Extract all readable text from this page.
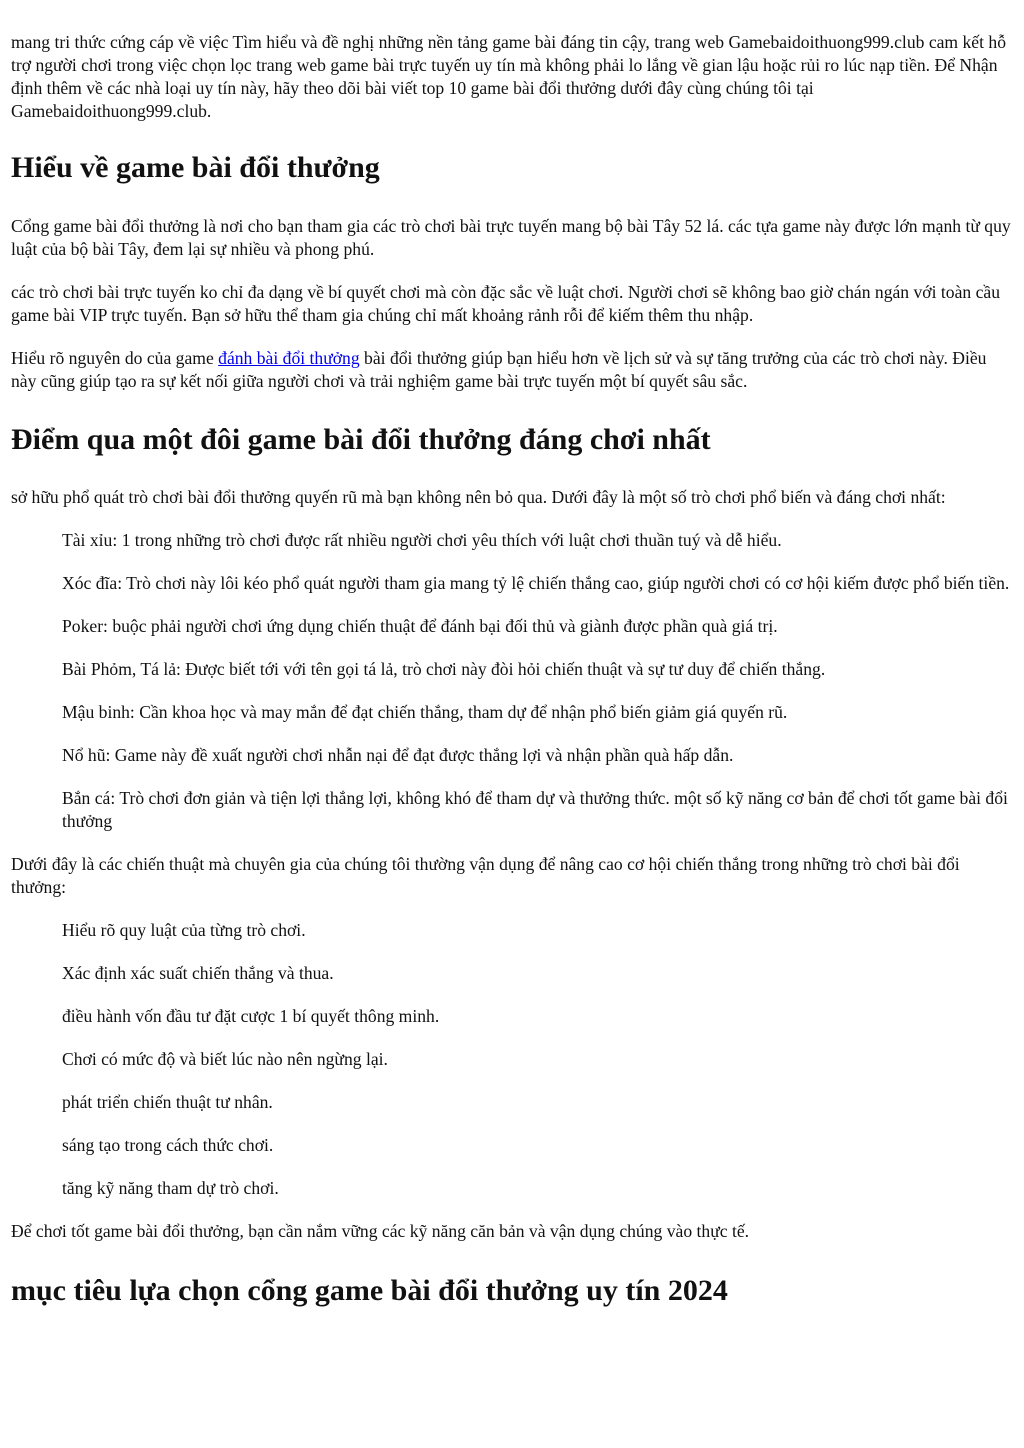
mang tri thức cứng cáp về việc Tìm hiểu và đề nghị những nền tảng game bài đáng tin cậy, trang web Gamebaidoithuong999.club cam kết hỗ trợ người chơi trong việc chọn lọc trang web game bài trực tuyến uy tín mà không phải lo lắng về gian lậu hoặc rủi ro lúc nạp tiền. Để Nhận định thêm về các nhà loại uy tín này, hãy theo dõi bài viết top 10 game bài đổi thưởng dưới đây cùng chúng tôi tại Gamebaidoithuong999.club.

Hiểu về game bài đổi thưởng

Cổng game bài đổi thưởng là nơi cho bạn tham gia các trò chơi bài trực tuyến mang bộ bài Tây 52 lá. các tựa game này được lớn mạnh từ quy luật của bộ bài Tây, đem lại sự nhiều và phong phú.

các trò chơi bài trực tuyến ko chỉ đa dạng về bí quyết chơi mà còn đặc sắc về luật chơi. Người chơi sẽ không bao giờ chán ngán với toàn cầu game bài VIP trực tuyến. Bạn sở hữu thể tham gia chúng chỉ mất khoảng rảnh rỗi để kiếm thêm thu nhập.

Hiểu rõ nguyên do của game đánh bài đổi thưởng bài đổi thưởng giúp bạn hiểu hơn về lịch sử và sự tăng trưởng của các trò chơi này. Điều này cũng giúp tạo ra sự kết nối giữa người chơi và trải nghiệm game bài trực tuyến một bí quyết sâu sắc.

Điểm qua một đôi game bài đổi thưởng đáng chơi nhất

sở hữu phổ quát trò chơi bài đổi thưởng quyến rũ mà bạn không nên bỏ qua. Dưới đây là một số trò chơi phổ biến và đáng chơi nhất:

Tài xỉu: 1 trong những trò chơi được rất nhiều người chơi yêu thích với luật chơi thuần tuý và dễ hiểu.

Xóc đĩa: Trò chơi này lôi kéo phổ quát người tham gia mang tỷ lệ chiến thắng cao, giúp người chơi có cơ hội kiếm được phổ biến tiền.

Poker: buộc phải người chơi ứng dụng chiến thuật để đánh bại đối thủ và giành được phần quà giá trị.

Bài Phỏm, Tá lả: Được biết tới với tên gọi tá lả, trò chơi này đòi hỏi chiến thuật và sự tư duy để chiến thắng.

Mậu binh: Cần khoa học và may mắn để đạt chiến thắng, tham dự để nhận phổ biến giảm giá quyến rũ.

Nổ hũ: Game này đề xuất người chơi nhẫn nại để đạt được thắng lợi và nhận phần quà hấp dẫn.

Bắn cá: Trò chơi đơn giản và tiện lợi thắng lợi, không khó để tham dự và thưởng thức. một số kỹ năng cơ bản để chơi tốt game bài đổi thưởng

Dưới đây là các chiến thuật mà chuyên gia của chúng tôi thường vận dụng để nâng cao cơ hội chiến thắng trong những trò chơi bài đổi thưởng:

Hiểu rõ quy luật của từng trò chơi.

Xác định xác suất chiến thắng và thua.

điều hành vốn đầu tư đặt cược 1 bí quyết thông minh.

Chơi có mức độ và biết lúc nào nên ngừng lại.

phát triển chiến thuật tư nhân.

sáng tạo trong cách thức chơi.

tăng kỹ năng tham dự trò chơi.

Để chơi tốt game bài đổi thưởng, bạn cần nắm vững các kỹ năng căn bản và vận dụng chúng vào thực tế.

mục tiêu lựa chọn cổng game bài đổi thưởng uy tín 2024
